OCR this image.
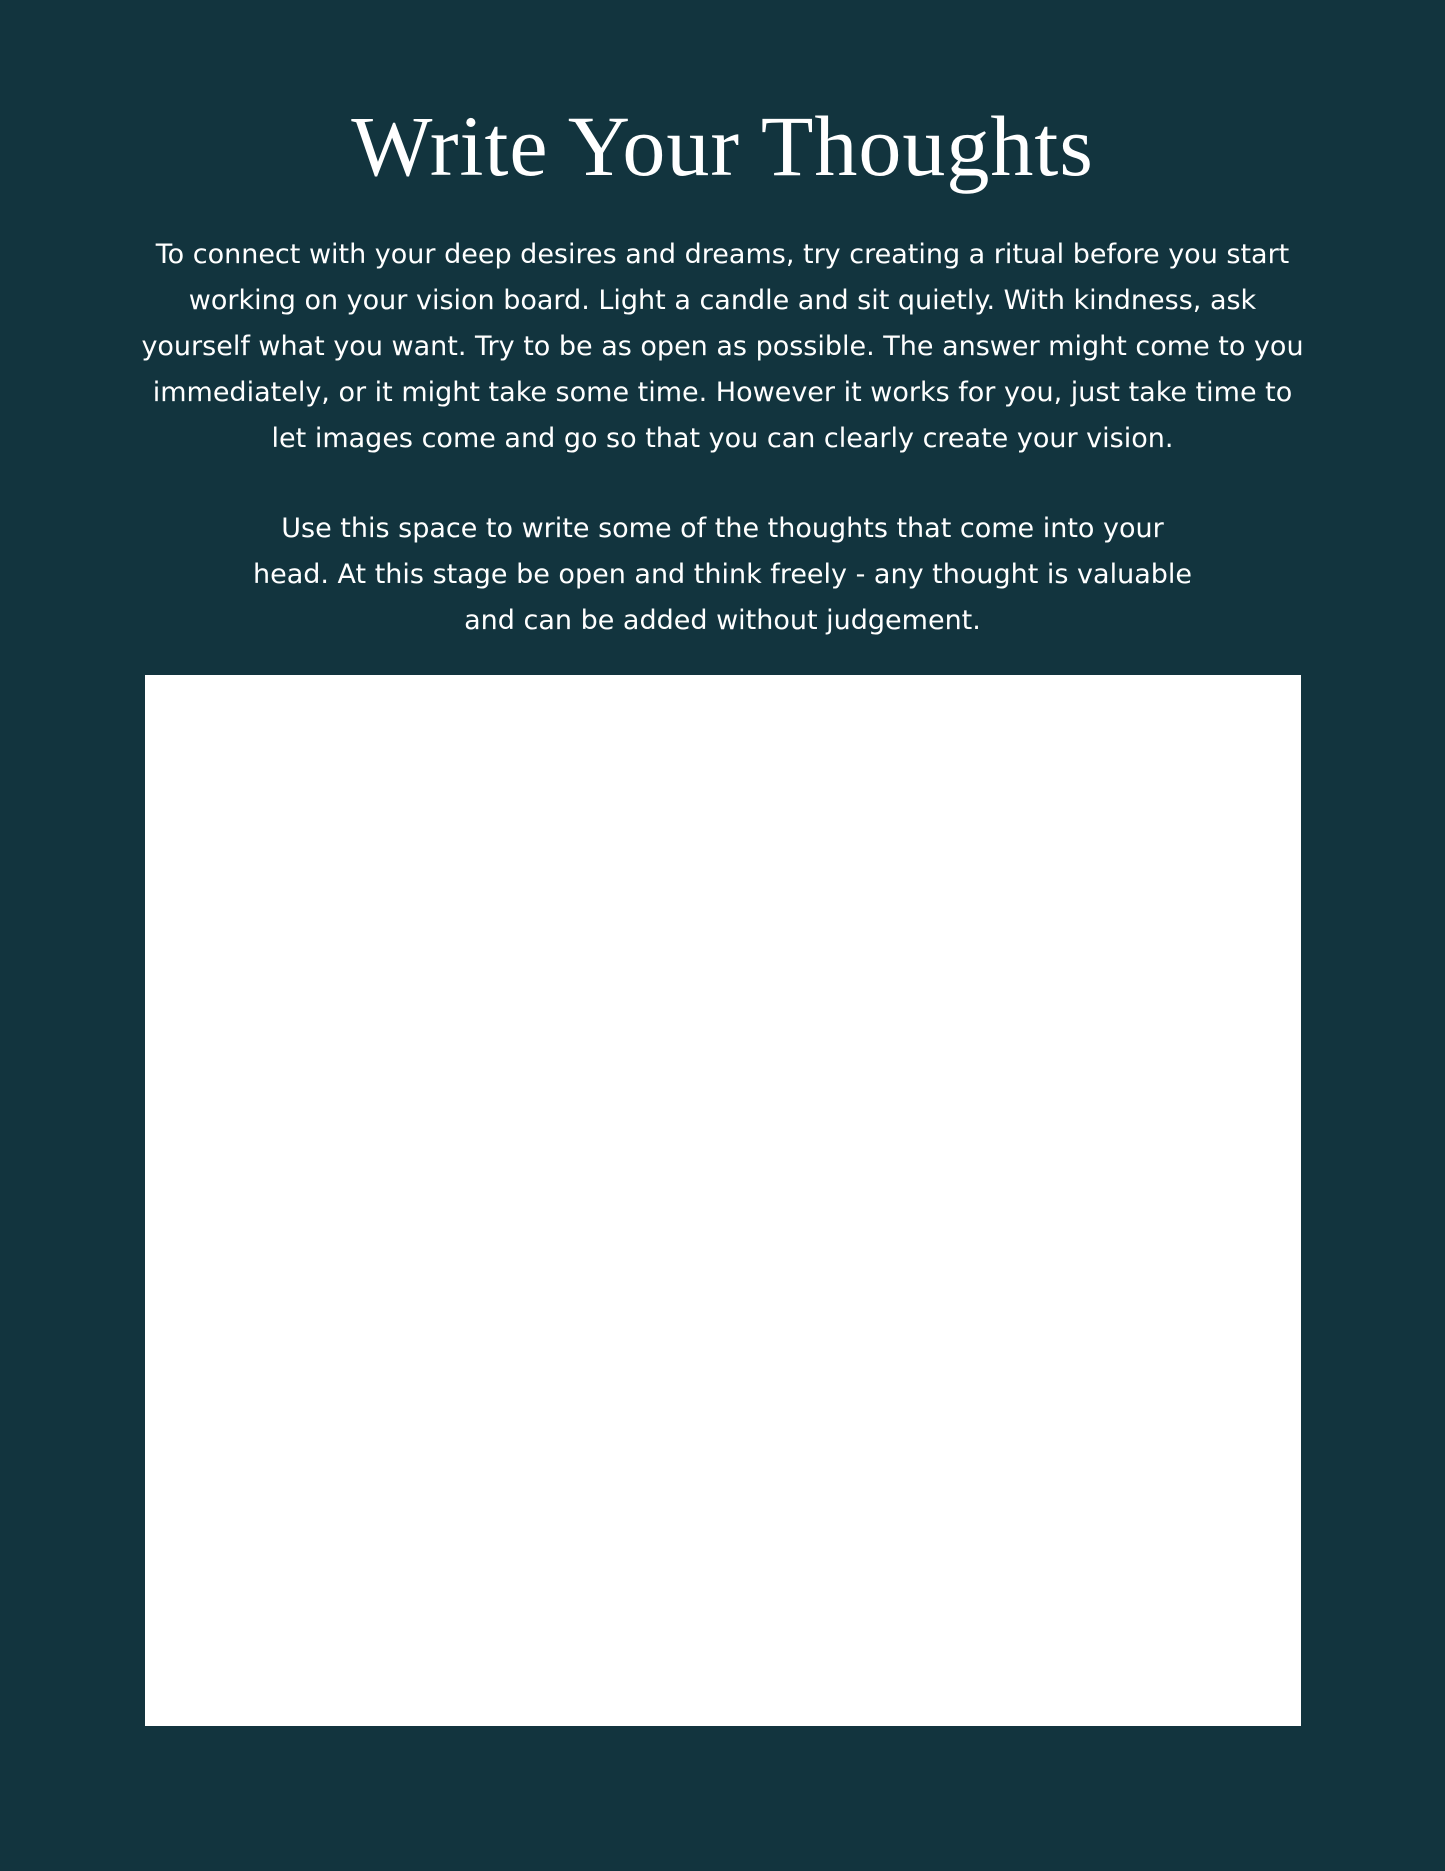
Write Your Thoughts

To connect with your deep desires and dreams, try creating a ritual before you start working on your vision board. Light a candle and sit quietly. With kindness, ask yourself what you want. Try to be as open as possible. The answer might come to you immediately, or it might take some time. However it works for you, just take time to let images come and go so that you can clearly create your vision.

Use this space to write some of the thoughts that come into your head. At this stage be open and think freely - any thought is valuable and can be added without judgement.
